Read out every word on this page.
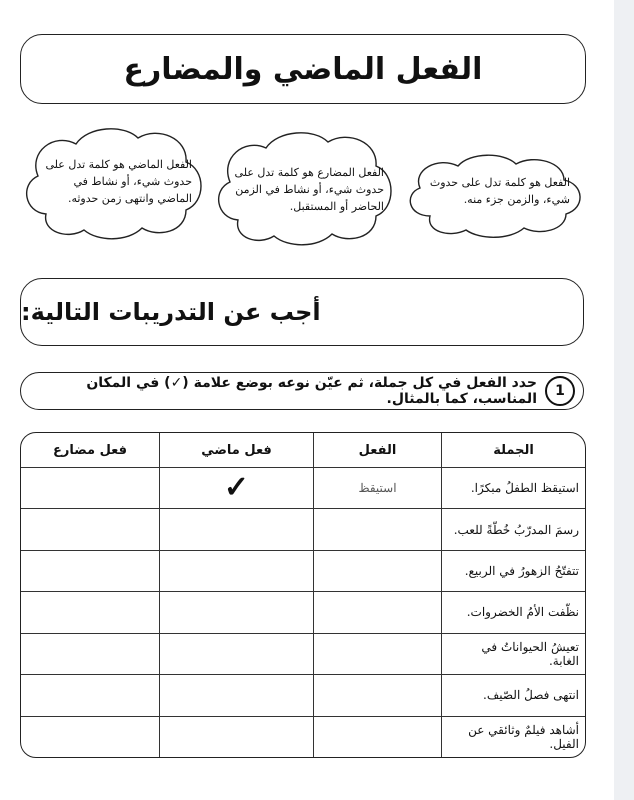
الفعل الماضي والمضارع
الفعل هو كلمة تدل على حدوث شيء، والزمن جزء منه.
الفعل المضارع هو كلمة تدل على حدوث شيء، أو نشاط في الزمن الحاضر أو المستقبل.
الفعل الماضي هو كلمة تدل على حدوث شيء، أو نشاط في الماضي وانتهى زمن حدوثه.
أجب عن التدريبات التالية:
1
حدد الفعل في كل جملة، ثم عيّن نوعه بوضع علامة (✓) في المكان المناسب، كما بالمثال.
الجملة	الفعل	فعل ماضي	فعل مضارع
استيقظ الطفلُ مبكرًا.	استيقظ	✓	
رسمَ المدرّبُ خُطّةً للعب.			
تتفتّحُ الزهورُ في الربيع.			
نظّفت الأمُ الخضروات.			
تعيشُ الحيواناتُ في الغابة.			
انتهى فصلُ الصّيف.			
أشاهد فيلمٌ وثائقي عن الفيل.			
